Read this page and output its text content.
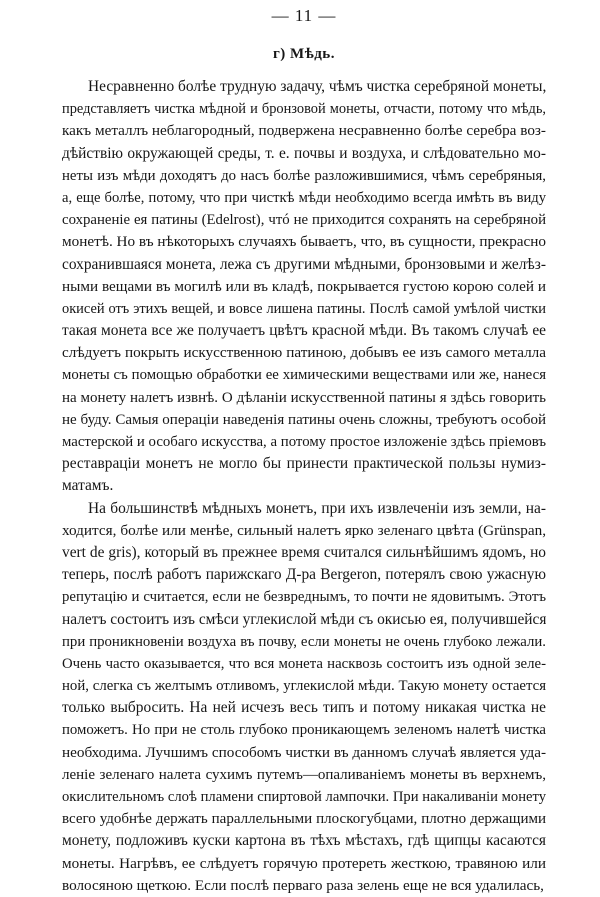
— 11 —
г) Мѣдь.
Несравненно болѣе трудную задачу, чѣмъ чистка серебряной монеты,
представляетъ чистка мѣдной и бронзовой монеты, отчасти, потому что мѣдь,
какъ металлъ неблагородный, подвержена несравненно болѣе серебра воз-
дѣйствію окружающей среды, т. е. почвы и воздуха, и слѣдовательно мо-
неты изъ мѣди доходятъ до насъ болѣе разложившимися, чѣмъ серебряныя,
а, еще болѣе, потому, что при чисткѣ мѣди необходимо всегда имѣть въ виду
сохраненіе ея патины (Edelrost), чтó не приходится сохранять на серебряной
монетѣ. Но въ нѣкоторыхъ случаяхъ бываетъ, что, въ сущности, прекрасно
сохранившаяся монета, лежа съ другими мѣдными, бронзовыми и желѣз-
ными вещами въ могилѣ или въ кладѣ, покрывается густою корою солей и
окисей отъ этихъ вещей, и вовсе лишена патины. Послѣ самой умѣлой чистки
такая монета все же получаетъ цвѣтъ красной мѣди. Въ такомъ случаѣ ее
слѣдуетъ покрыть искусственною патиною, добывъ ее изъ самого металла
монеты съ помощью обработки ее химическими веществами или же, нанеся
на монету налетъ извнѣ. О дѣланіи искусственной патины я здѣсь говорить
не буду. Самыя операціи наведенія патины очень сложны, требуютъ особой
мастерской и особаго искусства, а потому простое изложеніе здѣсь пріемовъ
реставраціи монетъ не могло бы принести практической пользы нумиз-
матамъ.
На большинствѣ мѣдныхъ монетъ, при ихъ извлеченіи изъ земли, на-
ходится, болѣе или менѣе, сильный налетъ ярко зеленаго цвѣта (Grünspan,
vert de gris), который въ прежнее время считался сильнѣйшимъ ядомъ, но
теперь, послѣ работъ парижскаго Д-ра Bergeron, потерялъ свою ужасную
репутацію и считается, если не безвреднымъ, то почти не ядовитымъ. Этотъ
налетъ состоитъ изъ смѣси углекислой мѣди съ окисью ея, получившейся
при проникновеніи воздуха въ почву, если монеты не очень глубоко лежали.
Очень часто оказывается, что вся монета насквозь состоитъ изъ одной зеле-
ной, слегка съ желтымъ отливомъ, углекислой мѣди. Такую монету остается
только выбросить. На ней исчезъ весь типъ и потому никакая чистка не
поможетъ. Но при не столь глубоко проникающемъ зеленомъ налетѣ чистка
необходима. Лучшимъ способомъ чистки въ данномъ случаѣ является уда-
леніе зеленаго налета сухимъ путемъ—опаливаніемъ монеты въ верхнемъ,
окислительномъ слоѣ пламени спиртовой лампочки. При накаливаніи монету
всего удобнѣе держать параллельными плоскогубцами, плотно держащими
монету, подложивъ куски картона въ тѣхъ мѣстахъ, гдѣ щипцы касаются
монеты. Нагрѣвъ, ее слѣдуетъ горячую протереть жесткою, травяною или
волосяною щеткою. Если послѣ перваго раза зелень еще не вся удалилась,
